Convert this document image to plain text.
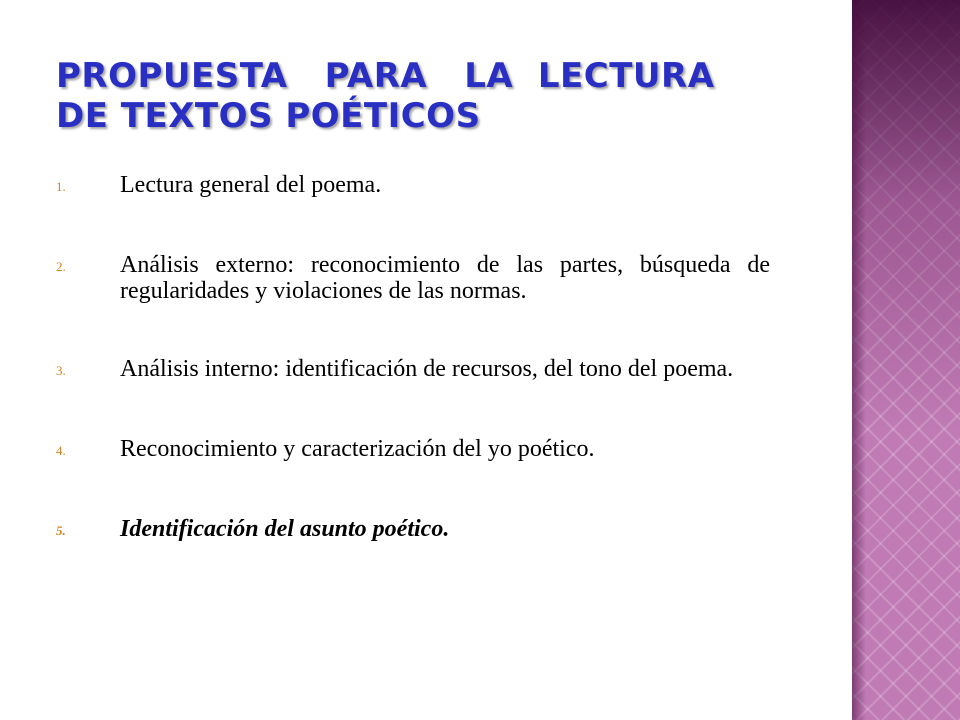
PROPUESTA   PARA   LA  LECTURA
DE TEXTOS POÉTICOS
1.	Lectura general del poema.
2.	Análisis externo: reconocimiento de las partes, búsqueda de regularidades y violaciones de las normas.
3.	Análisis interno: identificación de recursos, del tono del poema.
4.	Reconocimiento y caracterización del yo poético.
5.	Identificación del asunto poético.
